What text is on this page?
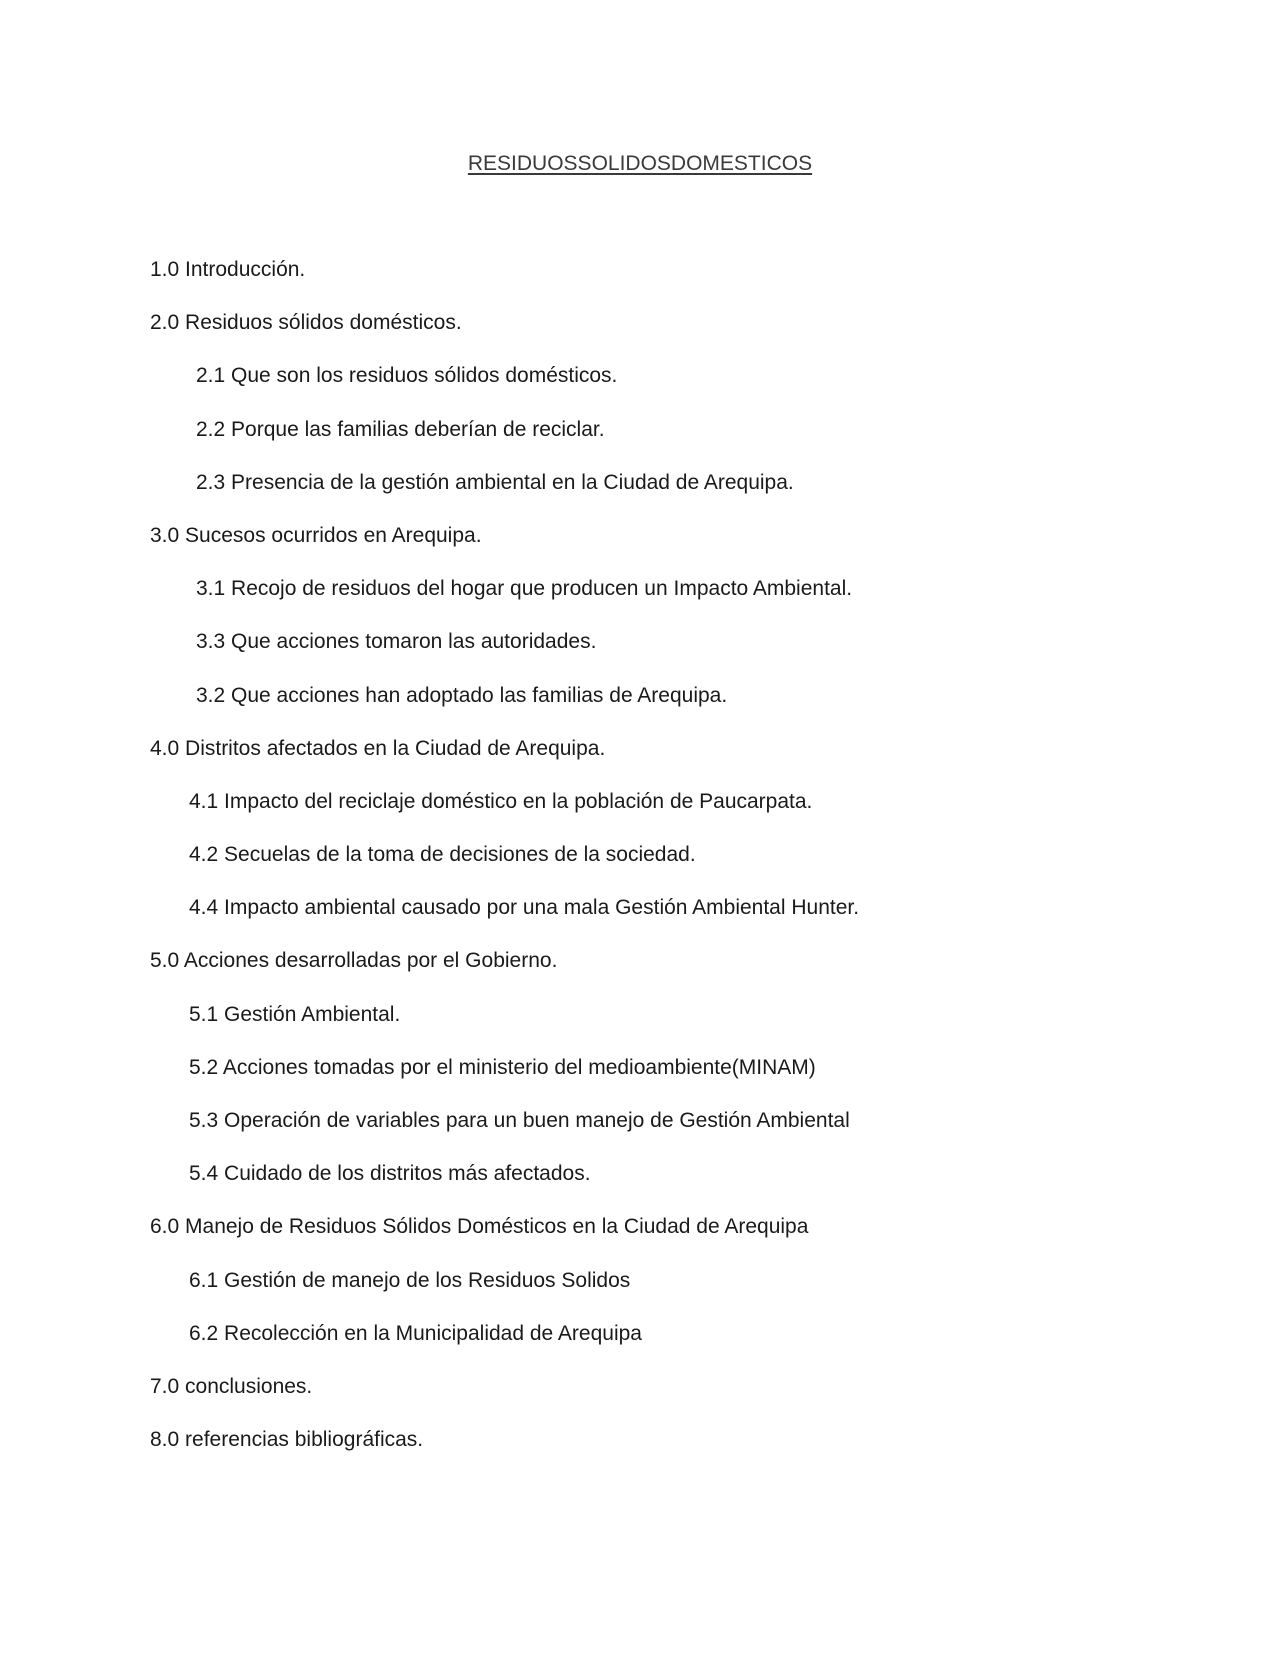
RESIDUOSSOLIDOSDOMESTICOS
1.0 Introducción.
2.0 Residuos sólidos domésticos.
2.1 Que son los residuos sólidos domésticos.
2.2 Porque las familias deberían de reciclar.
2.3 Presencia de la gestión ambiental en la Ciudad de Arequipa.
3.0 Sucesos ocurridos en Arequipa.
3.1 Recojo de residuos del hogar que producen un Impacto Ambiental.
3.3 Que acciones tomaron las autoridades.
3.2 Que acciones han adoptado las familias de Arequipa.
4.0 Distritos afectados en la Ciudad de Arequipa.
4.1 Impacto del reciclaje doméstico en la población de Paucarpata.
4.2 Secuelas de la toma de decisiones de la sociedad.
4.4 Impacto ambiental causado por una mala Gestión Ambiental Hunter.
5.0 Acciones desarrolladas por el Gobierno.
5.1 Gestión Ambiental.
5.2 Acciones tomadas por el ministerio del medioambiente(MINAM)
5.3 Operación de variables para un buen manejo de Gestión Ambiental
5.4 Cuidado de los distritos más afectados.
6.0 Manejo de Residuos Sólidos Domésticos en la Ciudad de Arequipa
6.1 Gestión de manejo de los Residuos Solidos
6.2 Recolección en la Municipalidad de Arequipa
7.0 conclusiones.
8.0 referencias bibliográficas.
